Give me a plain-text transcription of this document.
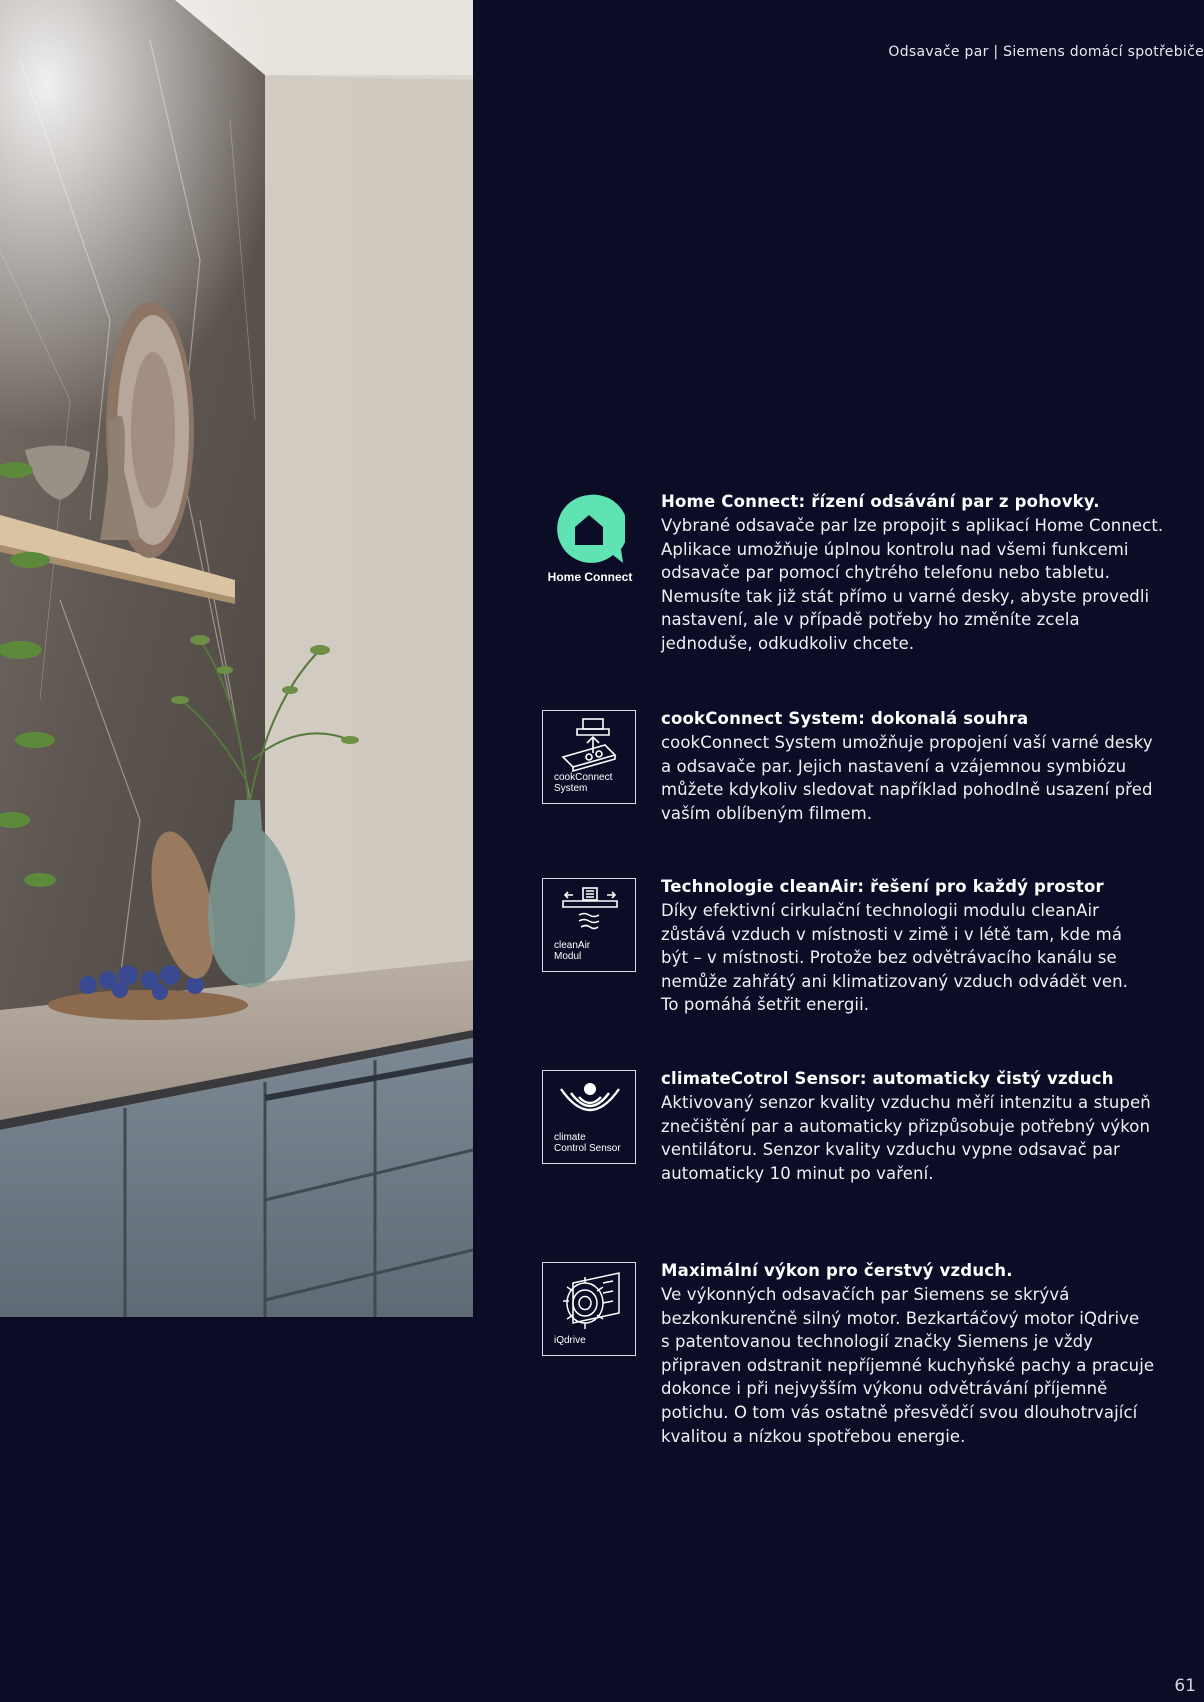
Odsavače par | Siemens domácí spotřebiče
Home Connect
Home Connect: řízení odsávání par z pohovky.

Vybrané odsavače par lze propojit s aplikací Home Connect.

Aplikace umožňuje úplnou kontrolu nad všemi funkcemi

odsavače par pomocí chytrého telefonu nebo tabletu.

Nemusíte tak již stát přímo u varné desky, abyste provedli

nastavení, ale v případě potřeby ho změníte zcela

jednoduše, odkudkoliv chcete.

cookConnect
System
cookConnect System: dokonalá souhra

cookConnect System umožňuje propojení vaší varné desky

a odsavače par. Jejich nastavení a vzájemnou symbiózu

můžete kdykoliv sledovat například pohodlně usazení před

vaším oblíbeným filmem.

cleanAir
Modul
Technologie cleanAir: řešení pro každý prostor

Díky efektivní cirkulační technologii modulu cleanAir

zůstává vzduch v místnosti v zimě i v létě tam, kde má

být – v místnosti. Protože bez odvětrávacího kanálu se

nemůže zahřátý ani klimatizovaný vzduch odvádět ven.

To pomáhá šetřit energii.

climate
Control Sensor
climateCotrol Sensor: automaticky čistý vzduch

Aktivovaný senzor kvality vzduchu měří intenzitu a stupeň

znečištění par a automaticky přizpůsobuje potřebný výkon

ventilátoru. Senzor kvality vzduchu vypne odsavač par

automaticky 10 minut po vaření.

iQdrive
Maximální výkon pro čerstvý vzduch.

Ve výkonných odsavačích par Siemens se skrývá

bezkonkurenčně silný motor. Bezkartáčový motor iQdrive

s patentovanou technologií značky Siemens je vždy

připraven odstranit nepříjemné kuchyňské pachy a pracuje

dokonce i při nejvyšším výkonu odvětrávání příjemně

potichu. O tom vás ostatně přesvědčí svou dlouhotrvající

kvalitou a nízkou spotřebou energie.

61
